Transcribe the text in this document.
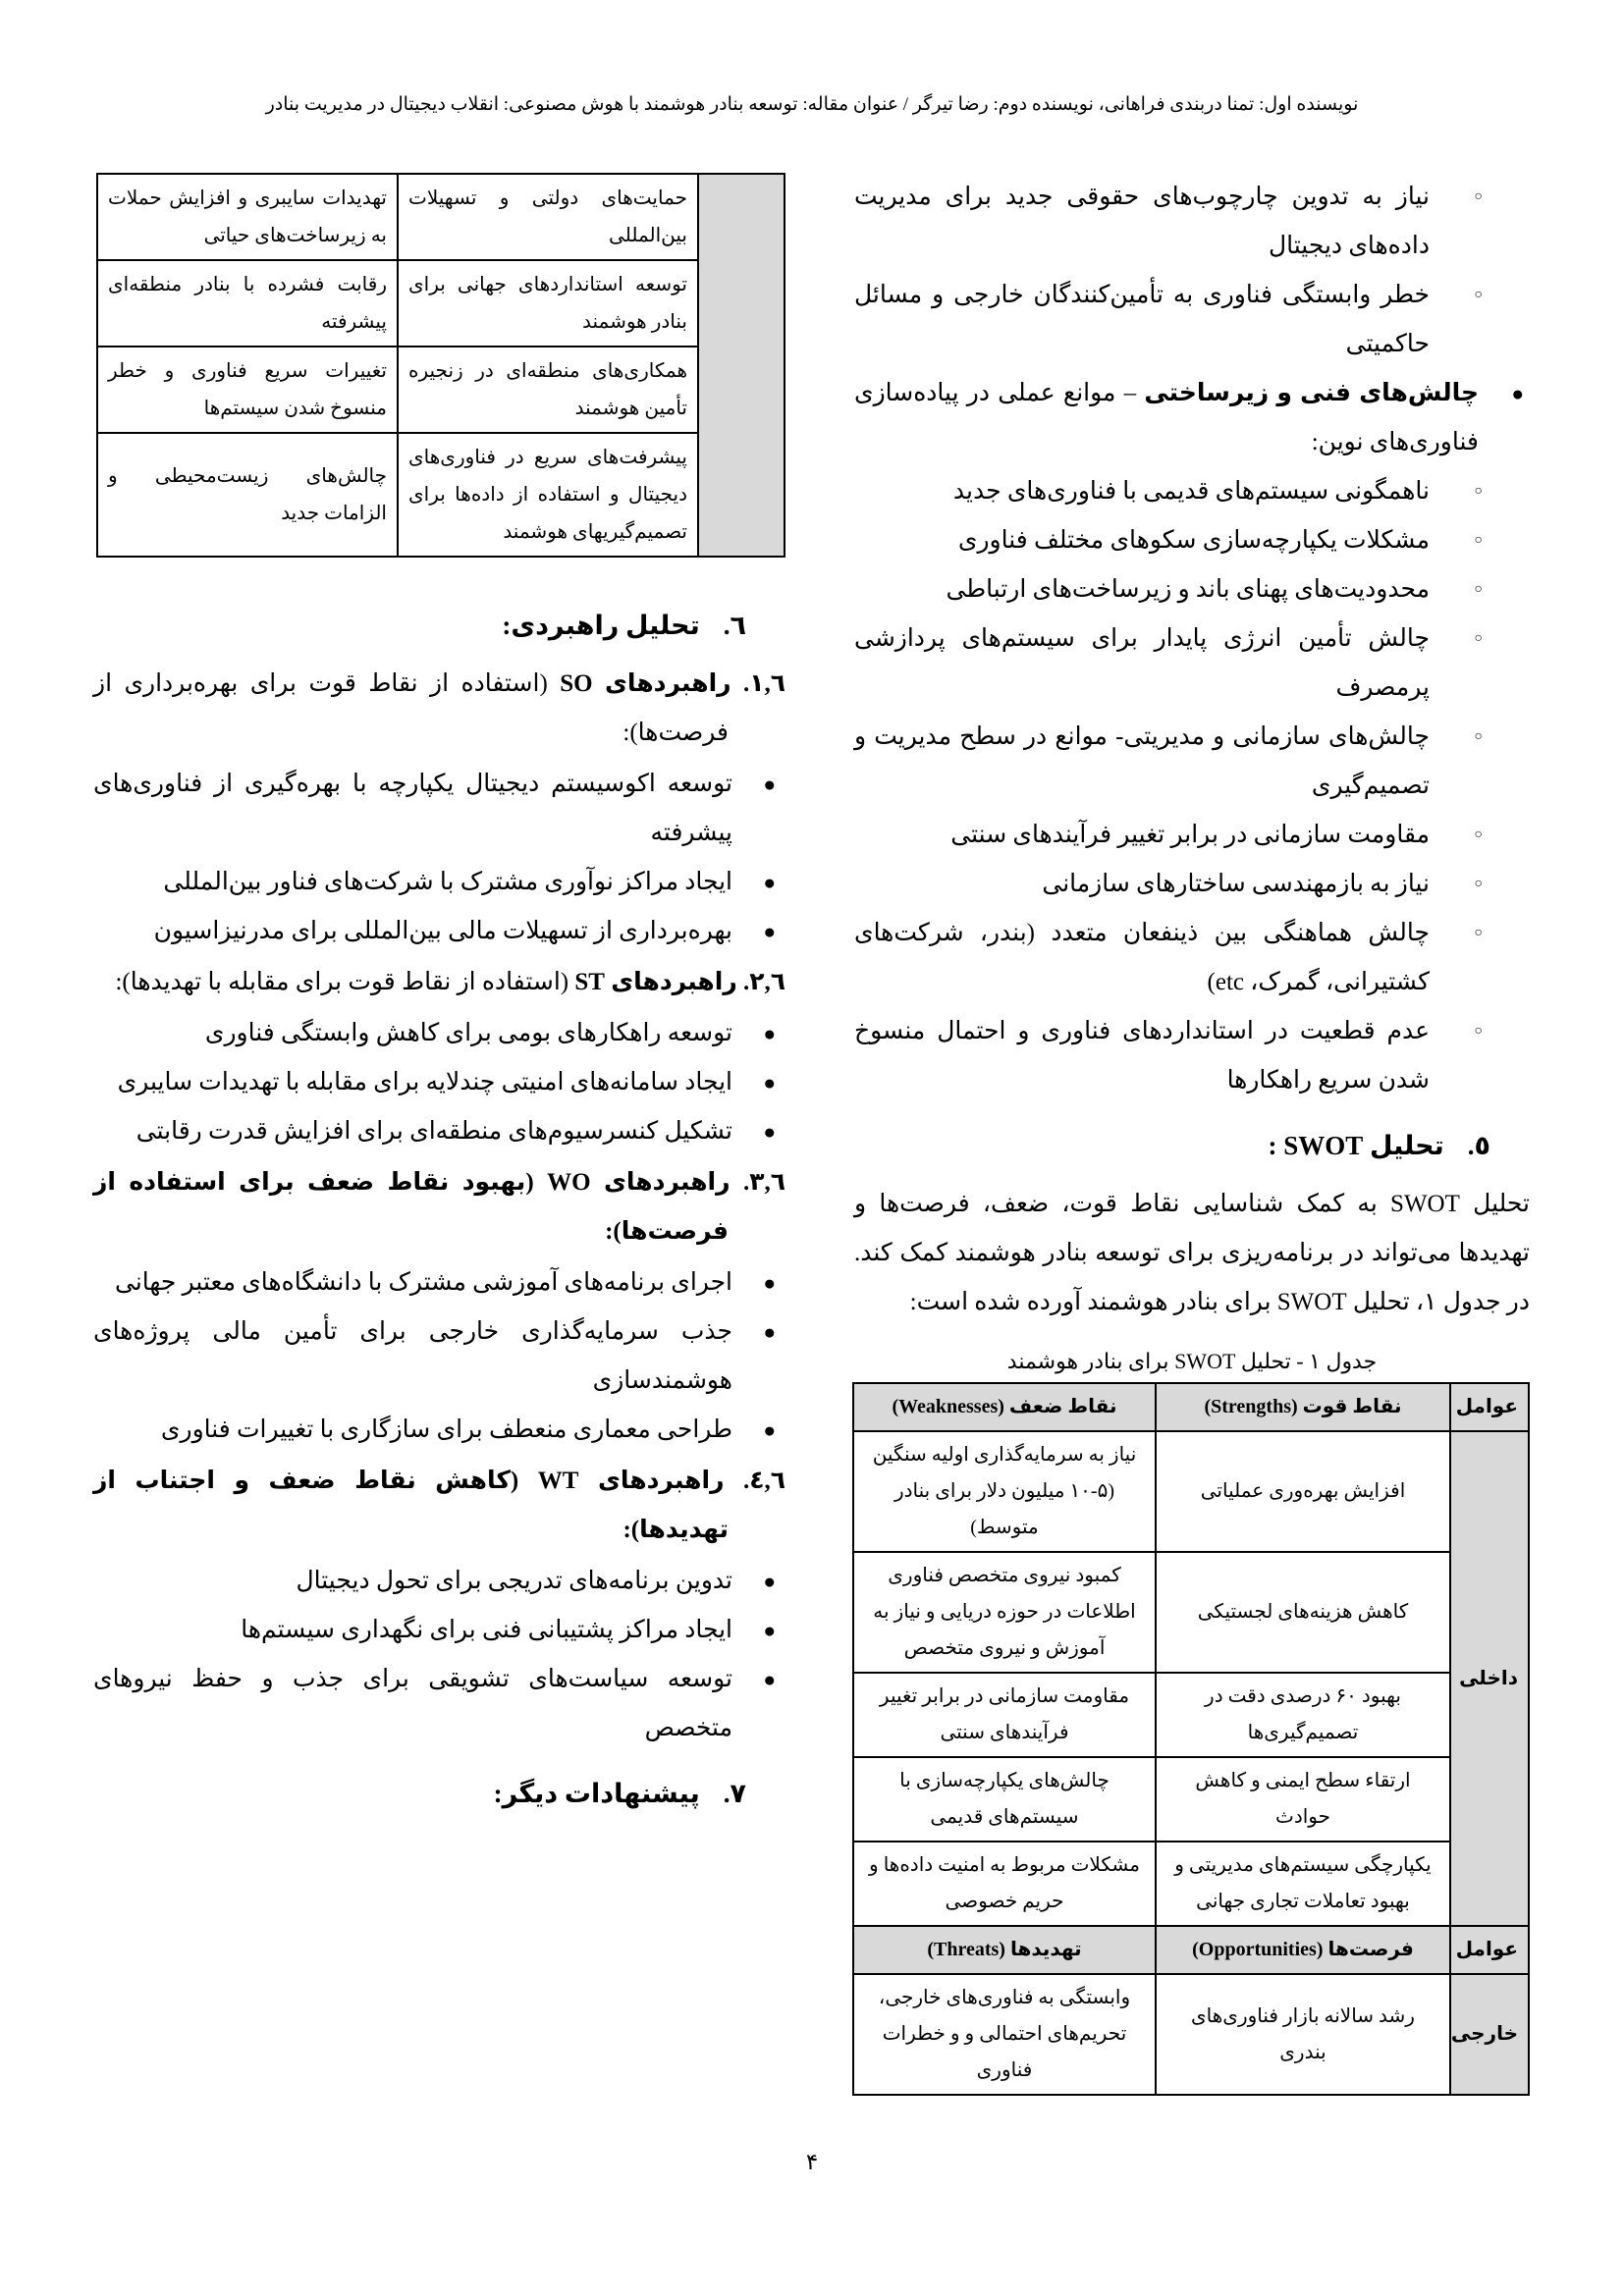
نویسنده اول: تمنا دربندی فراهانی، نویسنده دوم: رضا تیرگر / عنوان مقاله: توسعه بنادر هوشمند با هوش مصنوعی: انقلاب دیجیتال در مدیریت بنادر
○
نیاز به تدوین چارچوب‌های حقوقی جدید برای مدیریت داده‌های دیجیتال
○
خطر وابستگی فناوری به تأمین‌کنندگان خارجی و مسائل حاکمیتی
●
چالش‌های فنی و زیرساختی – موانع عملی در پیاده‌سازی فناوری‌های نوین:
○
ناهمگونی سیستم‌های قدیمی با فناوری‌های جدید
○
مشکلات یکپارچه‌سازی سکوهای مختلف فناوری
○
محدودیت‌های پهنای باند و زیرساخت‌های ارتباطی
○
چالش تأمین انرژی پایدار برای سیستم‌های پردازشی پرمصرف
○
چالش‌های سازمانی و مدیریتی- موانع در سطح مدیریت و تصمیم‌گیری
○
مقاومت سازمانی در برابر تغییر فرآیندهای سنتی
○
نیاز به بازمهندسی ساختارهای سازمانی
○
چالش هماهنگی بین ذینفعان متعدد (بندر، شرکت‌های کشتیرانی، گمرک، etc)
○
عدم قطعیت در استانداردهای فناوری و احتمال منسوخ شدن سریع راهکارها
٥.
تحلیل SWOT :
تحلیل SWOT به کمک شناسایی نقاط قوت، ضعف، فرصت‌ها و تهدیدها می‌تواند در برنامه‌ریزی برای توسعه بنادر هوشمند کمک کند. در جدول ۱، تحلیل SWOT برای بنادر هوشمند آورده شده است:
جدول ۱ - تحلیل SWOT برای بنادر هوشمند
عوامل	نقاط قوت (Strengths)	نقاط ضعف (Weaknesses)
داخلی	افزایش بهره‌وری عملیاتی	نیاز به سرمایه‌گذاری اولیه سنگین (۵-۱۰ میلیون دلار برای بنادر متوسط)
	کاهش هزینه‌های لجستیکی	کمبود نیروی متخصص فناوری اطلاعات در حوزه دریایی و نیاز به آموزش و نیروی متخصص
	بهبود ۶۰ درصدی دقت در تصمیم‌گیری‌ها	مقاومت سازمانی در برابر تغییر فرآیندهای سنتی
	ارتقاء سطح ایمنی و کاهش حوادث	چالش‌های یکپارچه‌سازی با سیستم‌های قدیمی
	یکپارچگی سیستم‌های مدیریتی و بهبود تعاملات تجاری جهانی	مشکلات مربوط به امنیت داده‌ها و حریم خصوصی
عوامل	فرصت‌ها (Opportunities)	تهدیدها (Threats)
خارجی	رشد سالانه بازار فناوری‌های بندری	وابستگی به فناوری‌های خارجی، تحریم‌های احتمالی و و خطرات فناوری
	حمایت‌های دولتی و تسهیلات بین‌المللی	تهدیدات سایبری و افزایش حملات به زیرساخت‌های حیاتی
	توسعه استانداردهای جهانی برای بنادر هوشمند	رقابت فشرده با بنادر منطقه‌ای پیشرفته
	همکاری‌های منطقه‌ای در زنجیره تأمین هوشمند	تغییرات سریع فناوری و خطر منسوخ شدن سیستم‌ها
	پیشرفت‌های سریع در فناوری‌های دیجیتال و استفاده از داده‌ها برای تصمیم‌گیریهای هوشمند	چالش‌های زیست‌محیطی و الزامات جدید
٦.
تحلیل راهبردی:
٦‏,‏١. راهبردهای SO (استفاده از نقاط قوت برای بهره‌برداری از فرصت‌ها):
●
توسعه اکوسیستم دیجیتال یکپارچه با بهره‌گیری از فناوری‌های پیشرفته
●
ایجاد مراکز نوآوری مشترک با شرکت‌های فناور بین‌المللی
●
بهره‌برداری از تسهیلات مالی بین‌المللی برای مدرنیزاسیون
٦‏,‏٢. راهبردهای ST (استفاده از نقاط قوت برای مقابله با تهدیدها):
●
توسعه راهکارهای بومی برای کاهش وابستگی فناوری
●
ایجاد سامانه‌های امنیتی چندلایه برای مقابله با تهدیدات سایبری
●
تشکیل کنسرسیوم‌های منطقه‌ای برای افزایش قدرت رقابتی
٦‏,‏٣. راهبردهای WO (بهبود نقاط ضعف برای استفاده از فرصت‌ها):
●
اجرای برنامه‌های آموزشی مشترک با دانشگاه‌های معتبر جهانی
●
جذب سرمایه‌گذاری خارجی برای تأمین مالی پروژه‌های هوشمندسازی
●
طراحی معماری منعطف برای سازگاری با تغییرات فناوری
٦‏,‏٤. راهبردهای WT (کاهش نقاط ضعف و اجتناب از تهدیدها):
●
تدوین برنامه‌های تدریجی برای تحول دیجیتال
●
ایجاد مراکز پشتیبانی فنی برای نگهداری سیستم‌ها
●
توسعه سیاست‌های تشویقی برای جذب و حفظ نیروهای متخصص
٧.
پیشنهادات دیگر:
۴
